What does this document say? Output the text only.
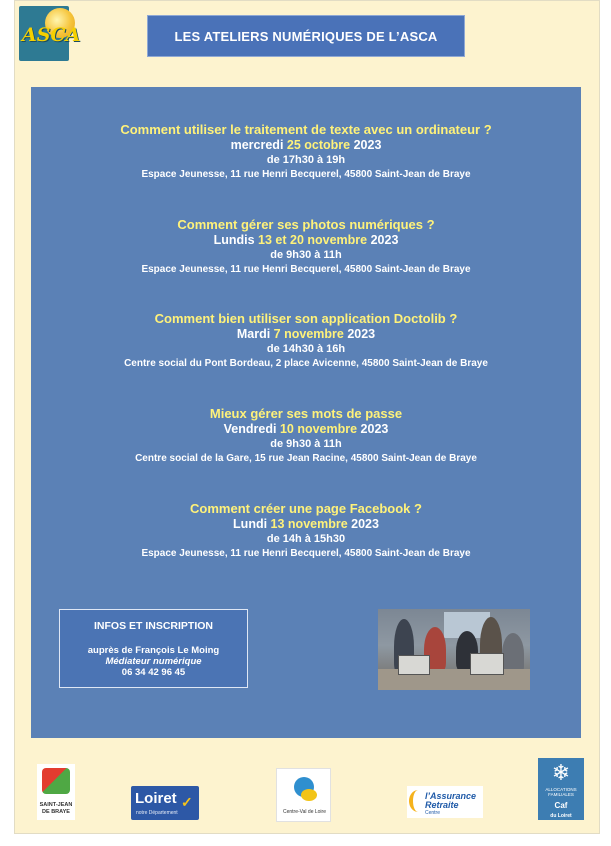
ASCA	LES ATELIERS NUMÉRIQUES DE L’ASCA
Comment utiliser le traitement de texte avec un ordinateur ?
mercredi 25 octobre 2023
de 17h30 à 19h
Espace Jeunesse, 11 rue Henri Becquerel, 45800 Saint-Jean de Braye
Comment gérer ses photos numériques ?
Lundis 13 et 20 novembre 2023
de 9h30 à 11h
Espace Jeunesse, 11 rue Henri Becquerel, 45800 Saint-Jean de Braye
Comment bien utiliser son application Doctolib ?
Mardi 7 novembre 2023
de 14h30 à 16h
Centre social du Pont Bordeau, 2 place Avicenne, 45800 Saint-Jean de Braye
Mieux gérer ses mots de passe
Vendredi 10 novembre 2023
de 9h30 à 11h
Centre social de la Gare, 15 rue Jean Racine, 45800 Saint-Jean de Braye
Comment créer une page Facebook ?
Lundi 13 novembre 2023
de 14h à 15h30
Espace Jeunesse, 11 rue Henri Becquerel, 45800 Saint-Jean de Braye
INFOS ET INSCRIPTION
auprès de François Le Moing
Médiateur numérique
06 34 42 96 45
SAINT-JEAN DE BRAYE
Loiret
notre Département
✓
Centre-Val de Loire
l’Assurance
Retraite
Centre
❄
ALLOCATIONS FAMILIALES
Caf
du Loiret
